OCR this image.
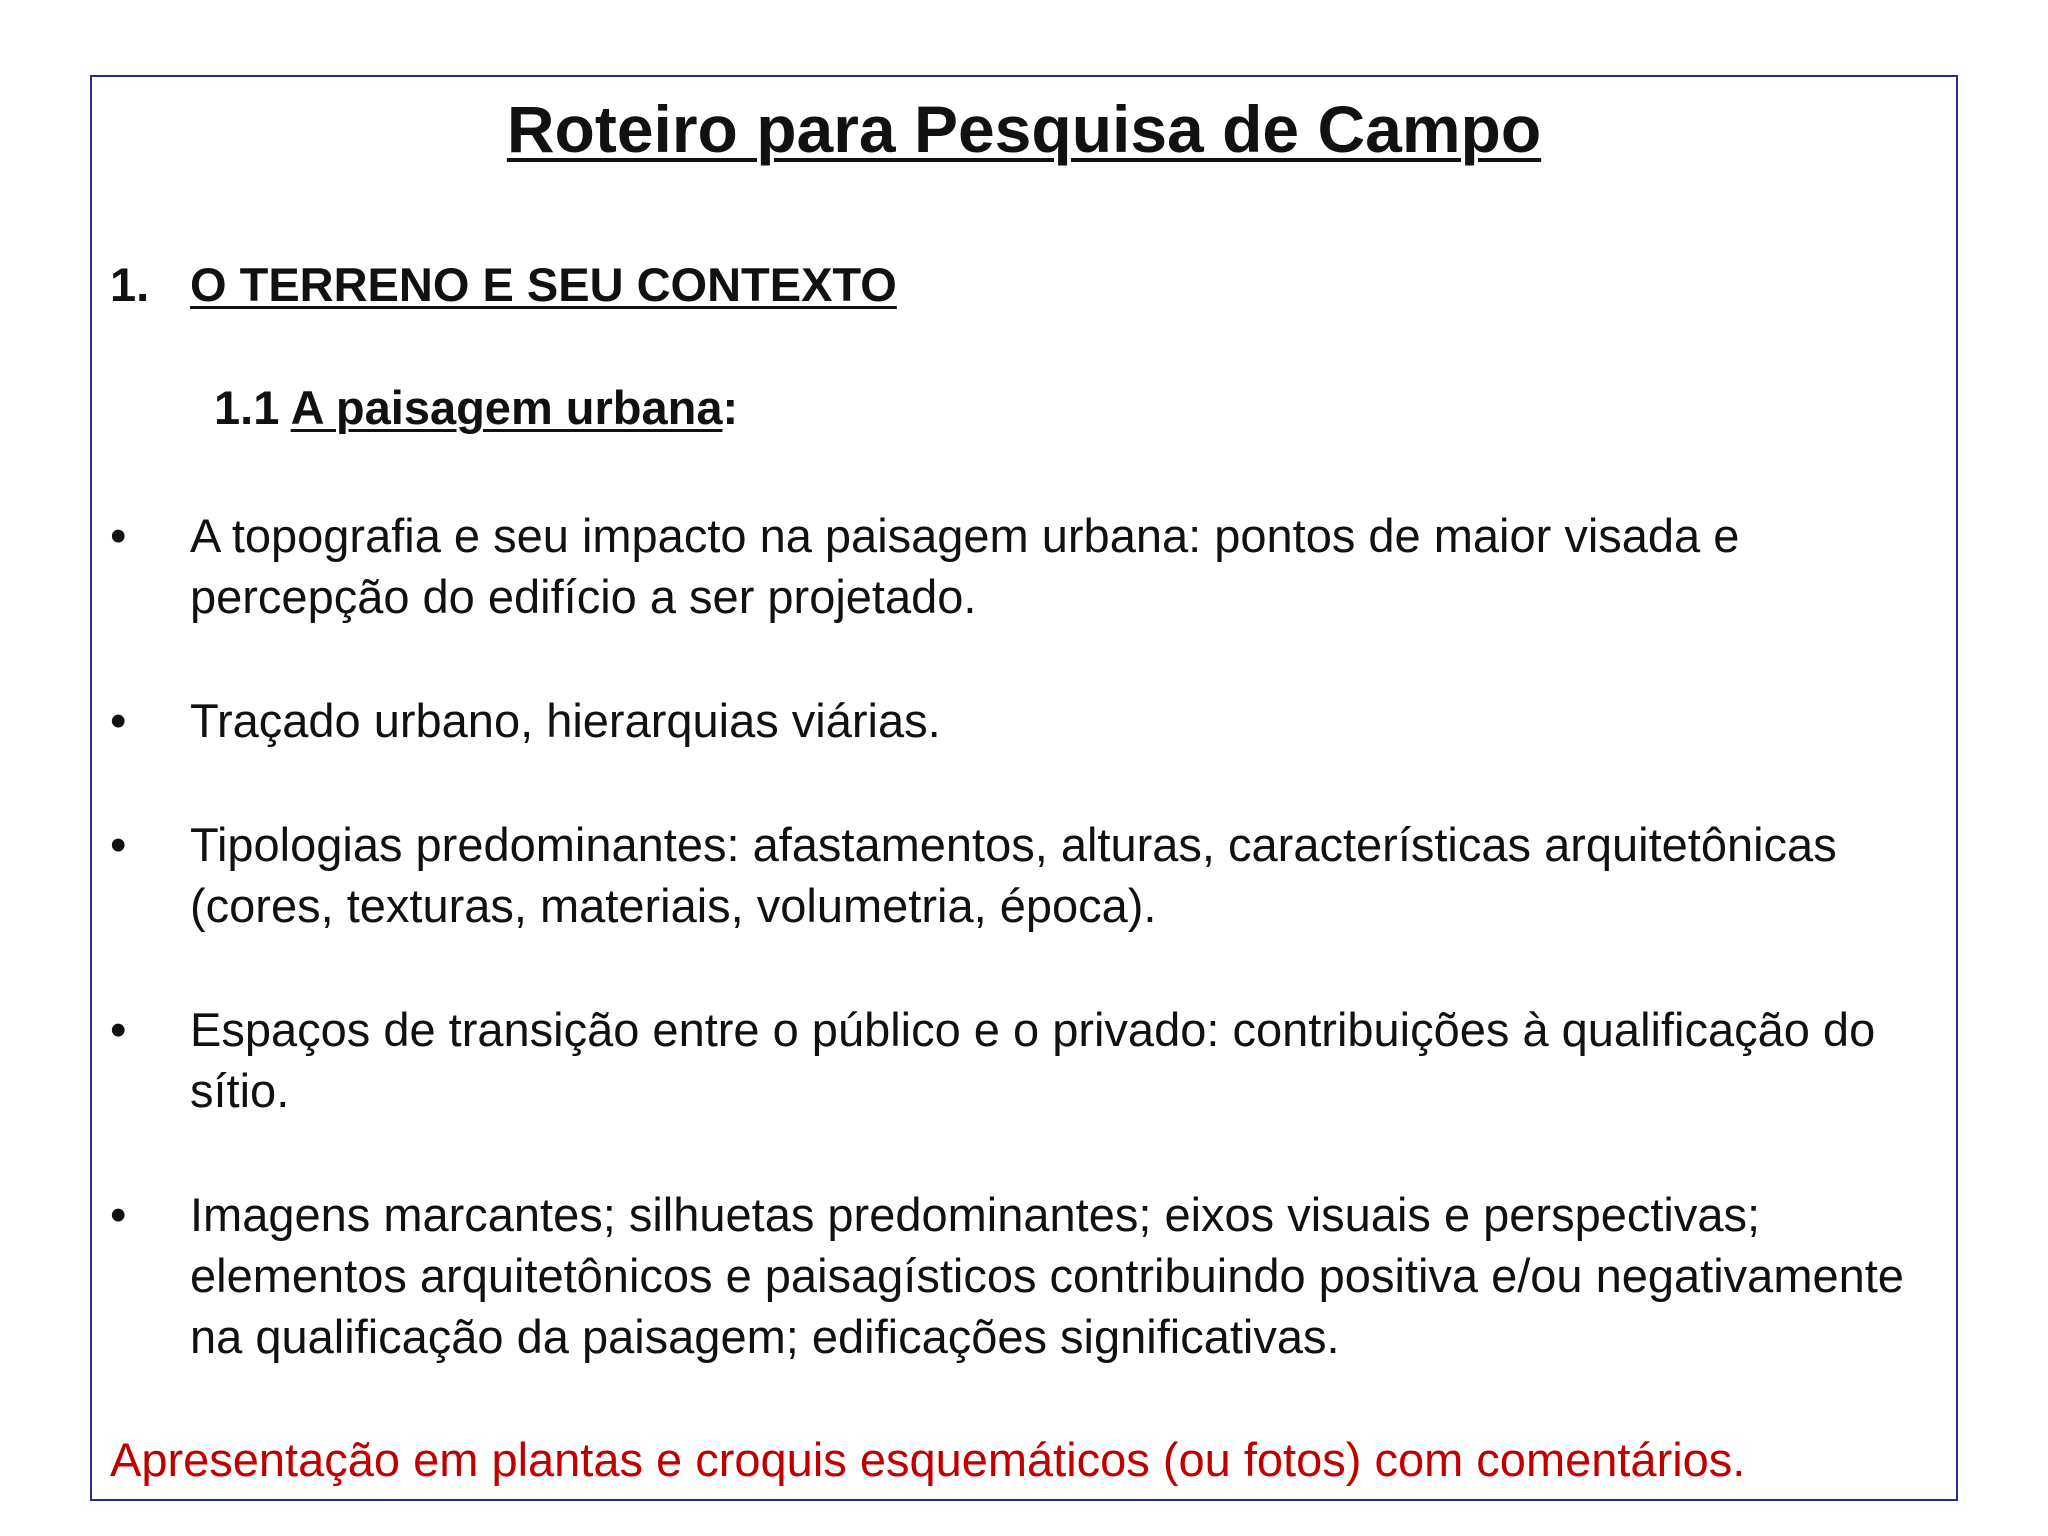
Roteiro para Pesquisa de Campo
1. O TERRENO E SEU CONTEXTO
1.1 A paisagem urbana:
• A topografia e seu impacto na paisagem urbana: pontos de maior visada e percepção do edifício a ser projetado.
• Traçado urbano, hierarquias viárias.
• Tipologias predominantes: afastamentos, alturas, características arquitetônicas (cores, texturas, materiais, volumetria, época).
• Espaços de transição entre o público e o privado: contribuições à qualificação do sítio.
• Imagens marcantes; silhuetas predominantes; eixos visuais e perspectivas; elementos arquitetônicos e paisagísticos contribuindo positiva e/ou negativamente na qualificação da paisagem; edificações significativas.
Apresentação em plantas e croquis esquemáticos (ou fotos) com comentários.
